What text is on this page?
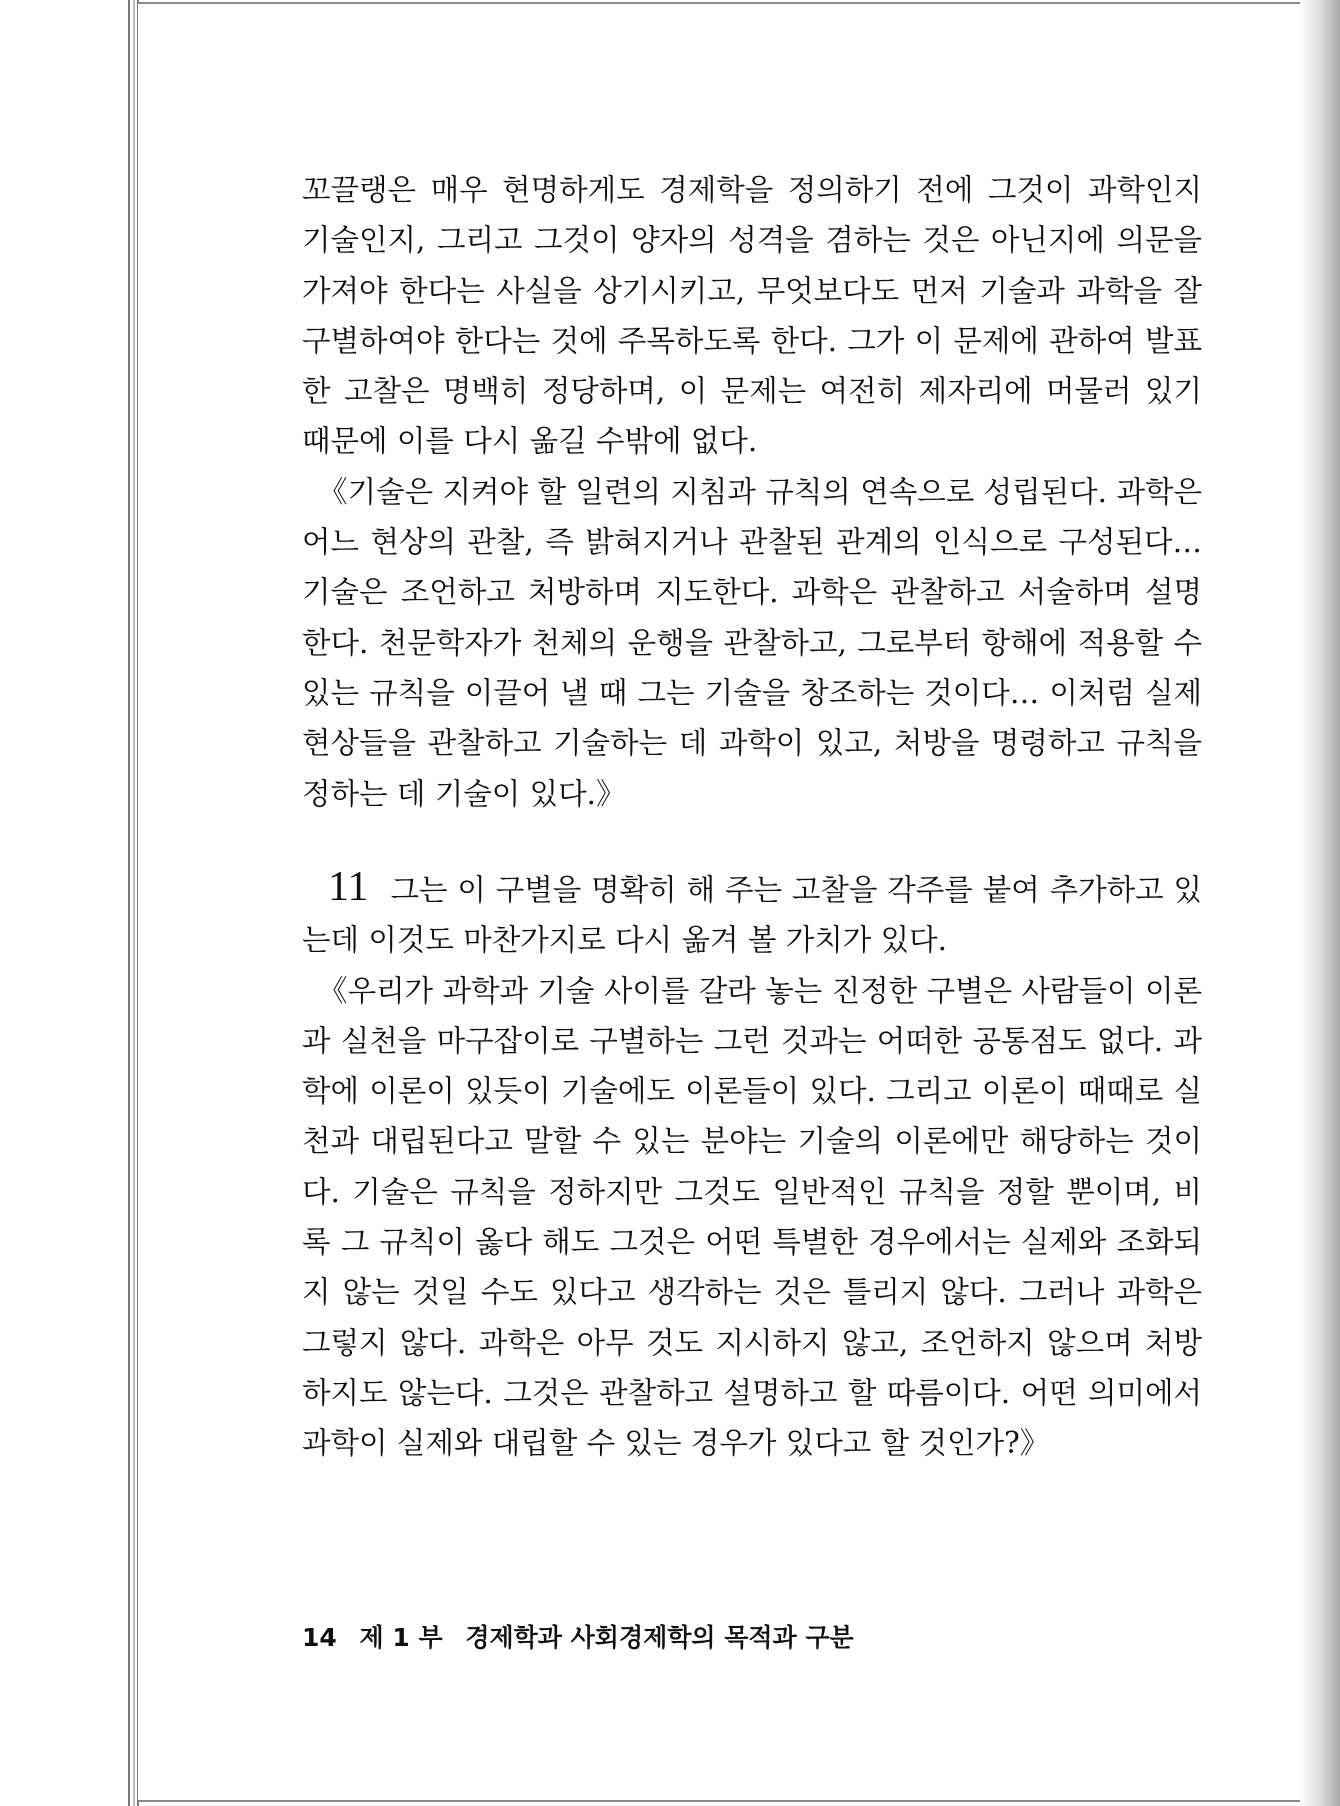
꼬끌랭은 매우 현명하게도 경제학을 정의하기 전에 그것이 과학인지 기술인지, 그리고 그것이 양자의 성격을 겸하는 것은 아닌지에 의문을 가져야 한다는 사실을 상기시키고, 무엇보다도 먼저 기술과 과학을 잘 구별하여야 한다는 것에 주목하도록 한다. 그가 이 문제에 관하여 발표한 고찰은 명백히 정당하며, 이 문제는 여전히 제자리에 머물러 있기 때문에 이를 다시 옮길 수밖에 없다.

《기술은 지켜야 할 일련의 지침과 규칙의 연속으로 성립된다. 과학은 어느 현상의 관찰, 즉 밝혀지거나 관찰된 관계의 인식으로 구성된다… 기술은 조언하고 처방하며 지도한다. 과학은 관찰하고 서술하며 설명한다. 천문학자가 천체의 운행을 관찰하고, 그로부터 항해에 적용할 수 있는 규칙을 이끌어 낼 때 그는 기술을 창조하는 것이다… 이처럼 실제 현상들을 관찰하고 기술하는 데 과학이 있고, 처방을 명령하고 규칙을 정하는 데 기술이 있다.》

11 그는 이 구별을 명확히 해 주는 고찰을 각주를 붙여 추가하고 있는데 이것도 마찬가지로 다시 옮겨 볼 가치가 있다.

《우리가 과학과 기술 사이를 갈라 놓는 진정한 구별은 사람들이 이론과 실천을 마구잡이로 구별하는 그런 것과는 어떠한 공통점도 없다. 과학에 이론이 있듯이 기술에도 이론들이 있다. 그리고 이론이 때때로 실천과 대립된다고 말할 수 있는 분야는 기술의 이론에만 해당하는 것이다. 기술은 규칙을 정하지만 그것도 일반적인 규칙을 정할 뿐이며, 비록 그 규칙이 옳다 해도 그것은 어떤 특별한 경우에서는 실제와 조화되지 않는 것일 수도 있다고 생각하는 것은 틀리지 않다. 그러나 과학은 그렇지 않다. 과학은 아무 것도 지시하지 않고, 조언하지 않으며 처방하지도 않는다. 그것은 관찰하고 설명하고 할 따름이다. 어떤 의미에서 과학이 실제와 대립할 수 있는 경우가 있다고 할 것인가?》

14 제 1 부 경제학과 사회경제학의 목적과 구분
